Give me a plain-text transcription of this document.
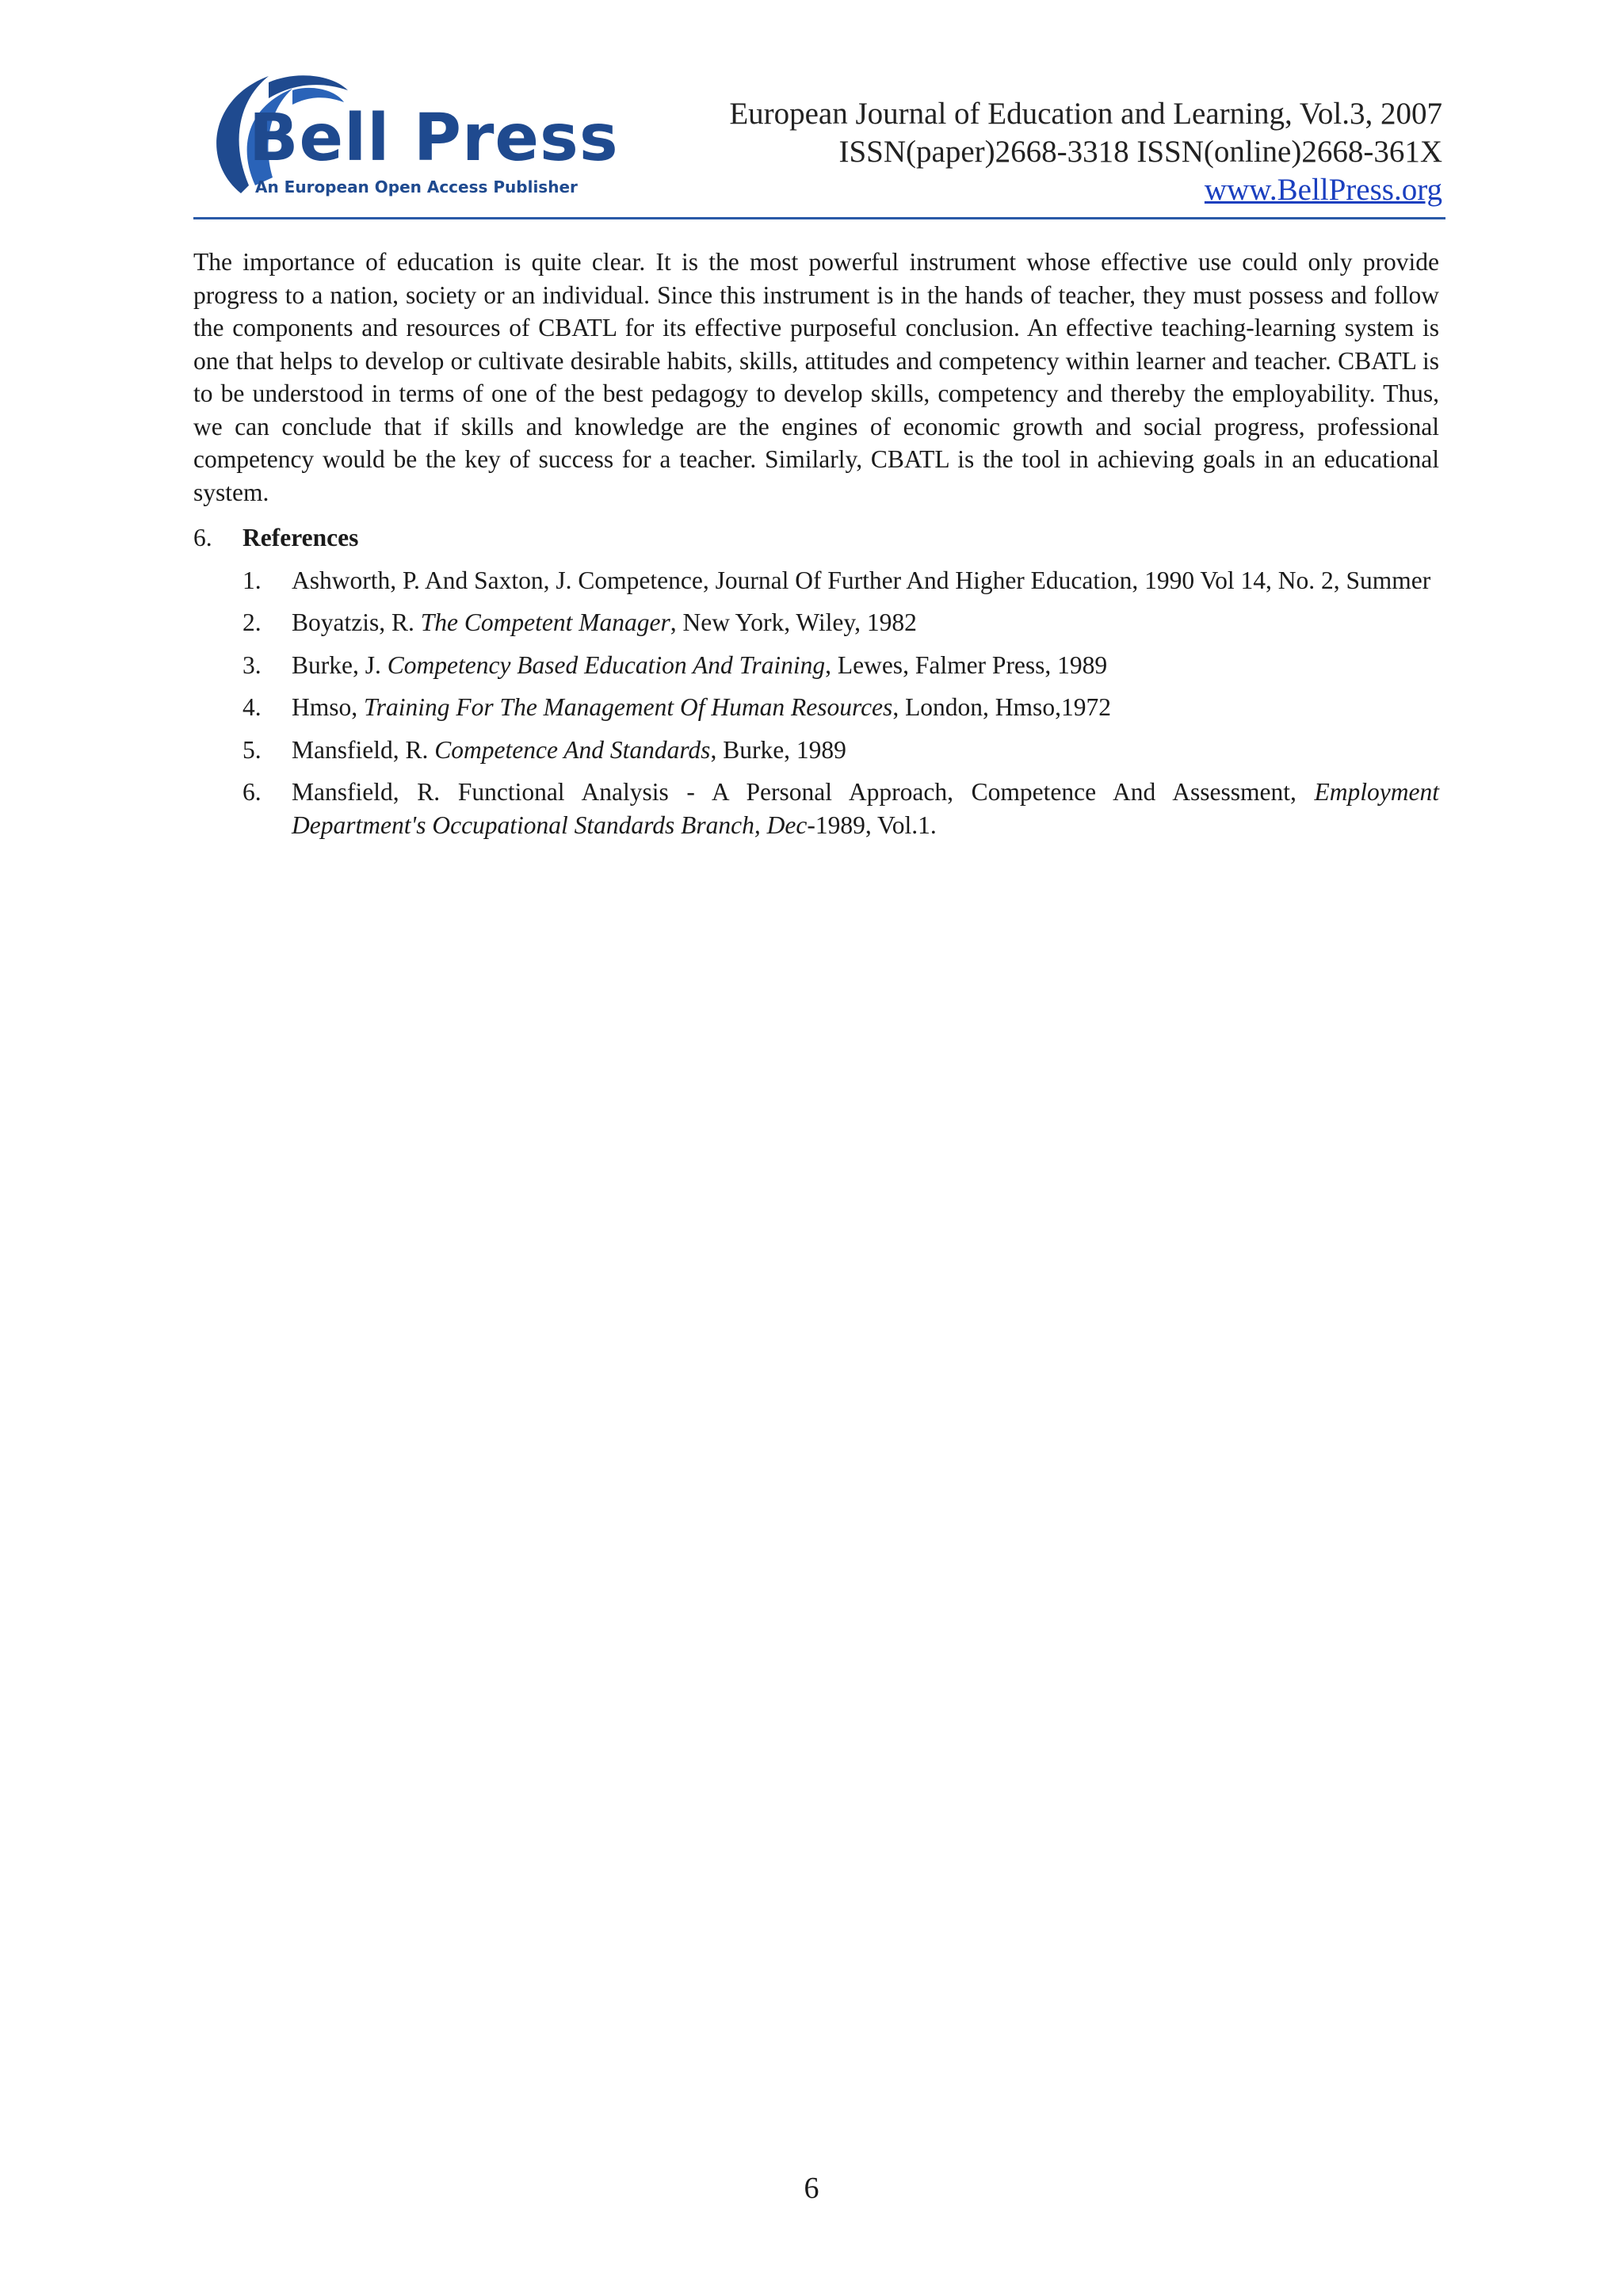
Bell Press
An European Open Access Publisher
European Journal of Education and Learning, Vol.3, 2007
ISSN(paper)2668-3318 ISSN(online)2668-361X
www.BellPress.org

The importance of education is quite clear. It is the most powerful instrument whose effective use could only provide progress to a nation, society or an individual. Since this instrument is in the hands of teacher, they must possess and follow the components and resources of CBATL for its effective purposeful conclusion. An effective teaching-learning system is one that helps to develop or cultivate desirable habits, skills, attitudes and competency within learner and teacher. CBATL is to be understood in terms of one of the best pedagogy to develop skills, competency and thereby the employability. Thus, we can conclude that if skills and knowledge are the engines of economic growth and social progress, professional competency would be the key of success for a teacher. Similarly, CBATL is the tool in achieving goals in an educational system.

6.	References
1.	Ashworth, P. And Saxton, J. Competence, Journal Of Further And Higher Education, 1990 Vol 14, No. 2, Summer
2.	Boyatzis, R. The Competent Manager, New York, Wiley, 1982
3.	Burke, J. Competency Based Education And Training, Lewes, Falmer Press, 1989
4.	Hmso, Training For The Management Of Human Resources, London, Hmso,1972
5.	Mansfield, R. Competence And Standards, Burke, 1989
6.	Mansfield, R. Functional Analysis - A Personal Approach, Competence And Assessment, Employment Department's Occupational Standards Branch, Dec-1989, Vol.1.
6
